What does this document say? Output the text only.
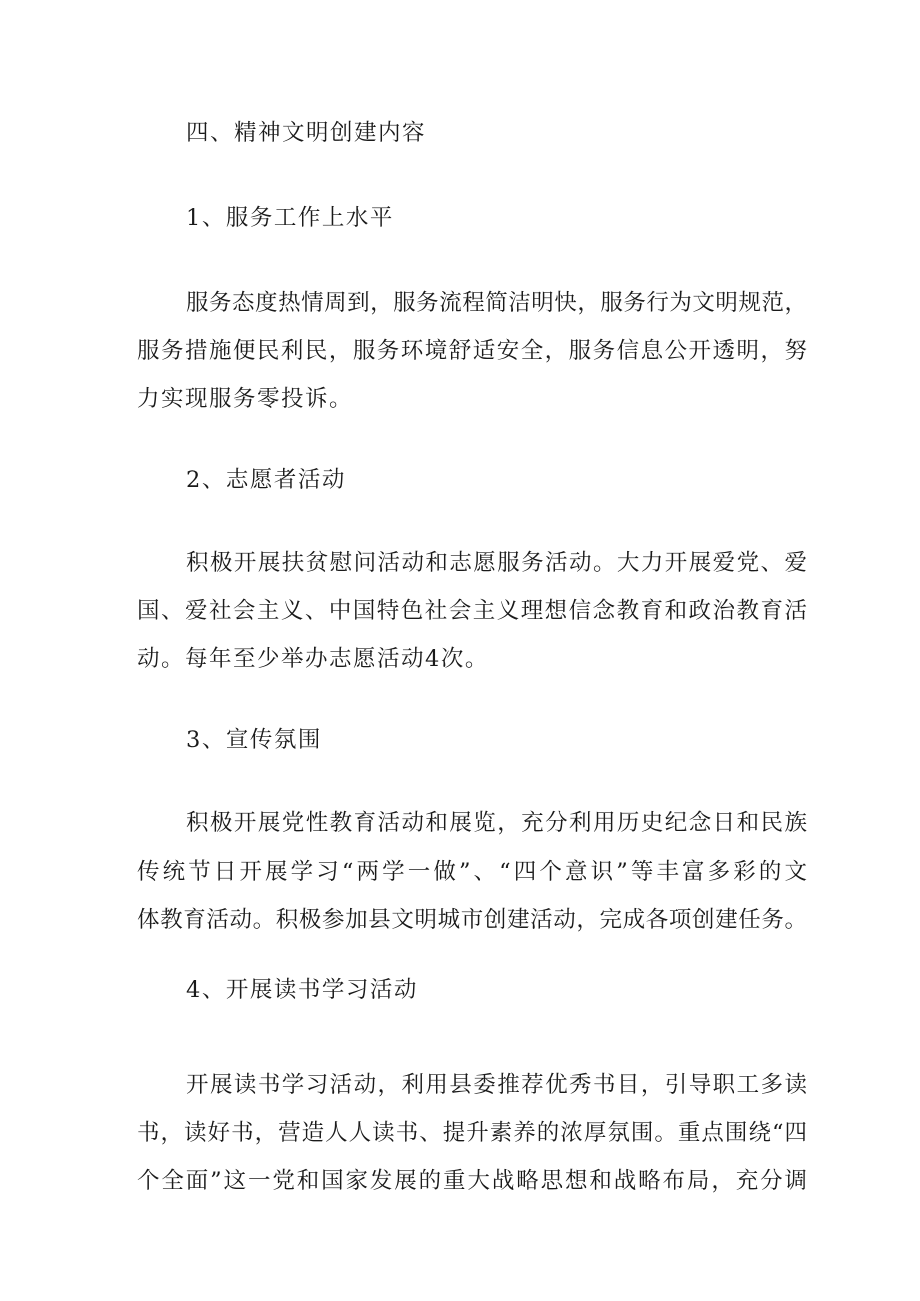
四、精神文明创建内容

1、服务工作上水平

服务态度热情周到，服务流程简洁明快，服务行为文明规范，

服务措施便民利民，服务环境舒适安全，服务信息公开透明，努

力实现服务零投诉。

2、志愿者活动

积极开展扶贫慰问活动和志愿服务活动。大力开展爱党、爱

国、爱社会主义、中国特色社会主义理想信念教育和政治教育活

动。每年至少举办志愿活动4次。

3、宣传氛围

积极开展党性教育活动和展览，充分利用历史纪念日和民族

传统节日开展学习“两学一做”、“四个意识”等丰富多彩的文

体教育活动。积极参加县文明城市创建活动，完成各项创建任务。

4、开展读书学习活动

开展读书学习活动，利用县委推荐优秀书目，引导职工多读

书，读好书，营造人人读书、提升素养的浓厚氛围。重点围绕“四

个全面”这一党和国家发展的重大战略思想和战略布局，充分调
